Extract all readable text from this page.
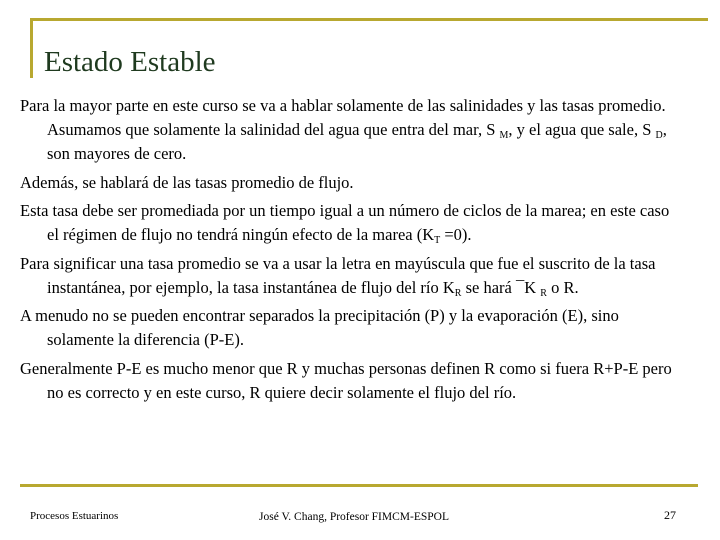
Estado Estable

Para la mayor parte en este curso se va a hablar solamente de las salinidades y las tasas promedio. Asumamos que solamente la salinidad del agua que entra del mar, S $_M$, y el agua que sale, S $_D$, son mayores de cero.

Además, se hablará de las tasas promedio de flujo.

Esta tasa debe ser promediada por un tiempo igual a un número de ciclos de la marea; en este caso el régimen de flujo no tendrá ningún efecto de la marea $(K_T =0)$.

Para significar una tasa promedio se va a usar la letra en mayúscula que fue el suscrito de la tasa instantánea, por ejemplo, la tasa instantánea de flujo del río $K_R$ se hará ¯K $_R$ o R.

A menudo no se pueden encontrar separados la precipitación (P) y la evaporación (E), sino solamente la diferencia (P-E).

Generalmente P-E es mucho menor que R y muchas personas definen R como si fuera R+P-E pero no es correcto y en este curso, R quiere decir solamente el flujo del río.

Procesos Estuarinos	José V. Chang, Profesor FIMCM-ESPOL	27
